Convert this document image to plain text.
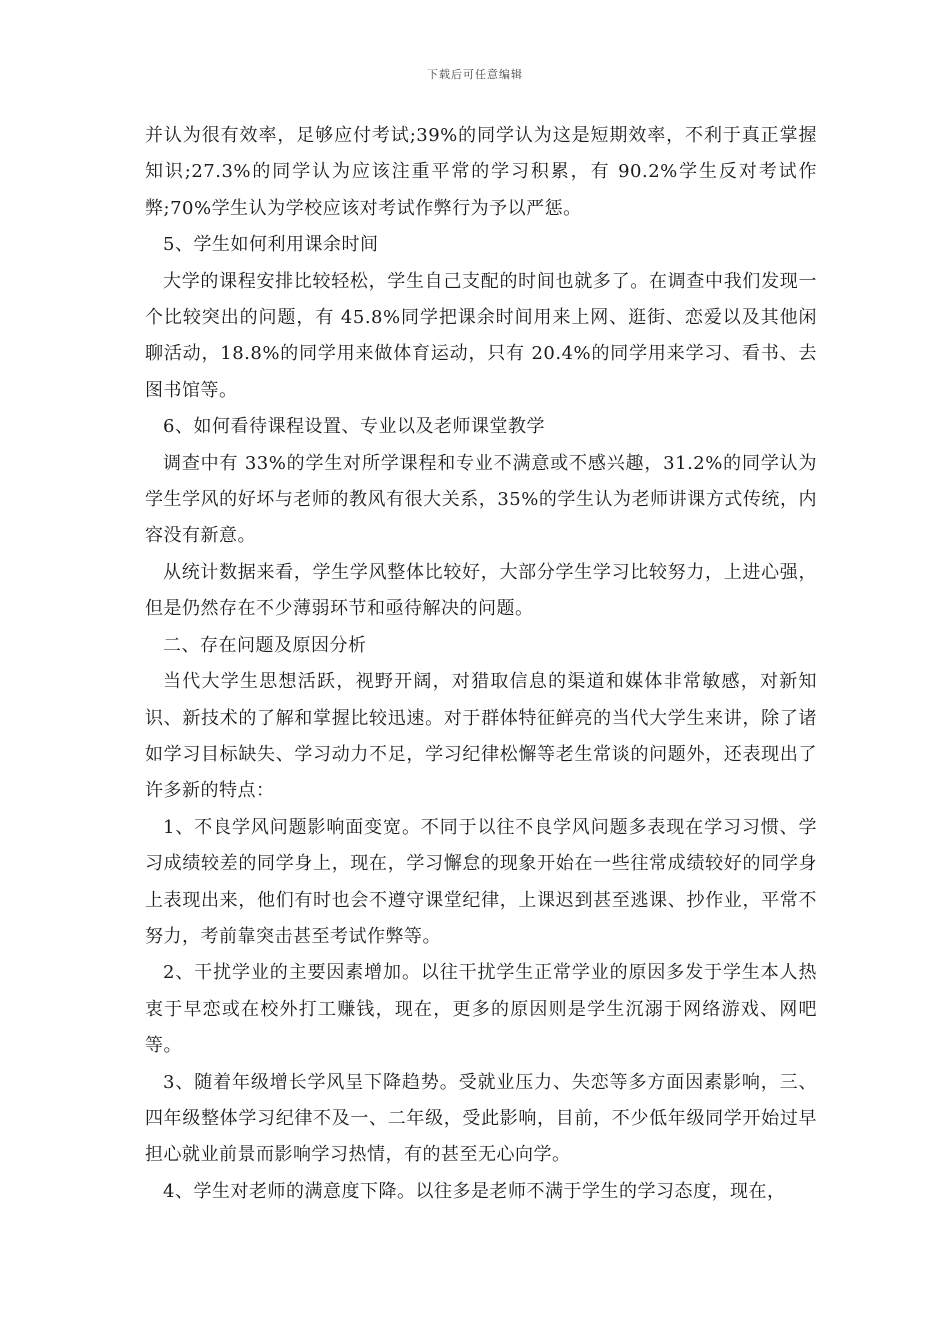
下载后可任意编辑

并认为很有效率，足够应付考试;39%的同学认为这是短期效率，不利于真正掌握知识;27.3%的同学认为应该注重平常的学习积累，有 90.2%学生反对考试作弊;70%学生认为学校应该对考试作弊行为予以严惩。

5、学生如何利用课余时间

大学的课程安排比较轻松，学生自己支配的时间也就多了。在调查中我们发现一个比较突出的问题，有 45.8%同学把课余时间用来上网、逛街、恋爱以及其他闲聊活动，18.8%的同学用来做体育运动，只有 20.4%的同学用来学习、看书、去图书馆等。

6、如何看待课程设置、专业以及老师课堂教学

调查中有 33%的学生对所学课程和专业不满意或不感兴趣，31.2%的同学认为学生学风的好坏与老师的教风有很大关系，35%的学生认为老师讲课方式传统，内容没有新意。

从统计数据来看，学生学风整体比较好，大部分学生学习比较努力，上进心强，但是仍然存在不少薄弱环节和亟待解决的问题。

二、存在问题及原因分析

当代大学生思想活跃，视野开阔，对猎取信息的渠道和媒体非常敏感，对新知识、新技术的了解和掌握比较迅速。对于群体特征鲜亮的当代大学生来讲，除了诸如学习目标缺失、学习动力不足，学习纪律松懈等老生常谈的问题外，还表现出了许多新的特点：

1、不良学风问题影响面变宽。不同于以往不良学风问题多表现在学习习惯、学习成绩较差的同学身上，现在，学习懈怠的现象开始在一些往常成绩较好的同学身上表现出来，他们有时也会不遵守课堂纪律，上课迟到甚至逃课、抄作业，平常不努力，考前靠突击甚至考试作弊等。

2、干扰学业的主要因素增加。以往干扰学生正常学业的原因多发于学生本人热衷于早恋或在校外打工赚钱，现在，更多的原因则是学生沉溺于网络游戏、网吧等。

3、随着年级增长学风呈下降趋势。受就业压力、失恋等多方面因素影响，三、四年级整体学习纪律不及一、二年级，受此影响，目前，不少低年级同学开始过早担心就业前景而影响学习热情，有的甚至无心向学。

4、学生对老师的满意度下降。以往多是老师不满于学生的学习态度，现在，
